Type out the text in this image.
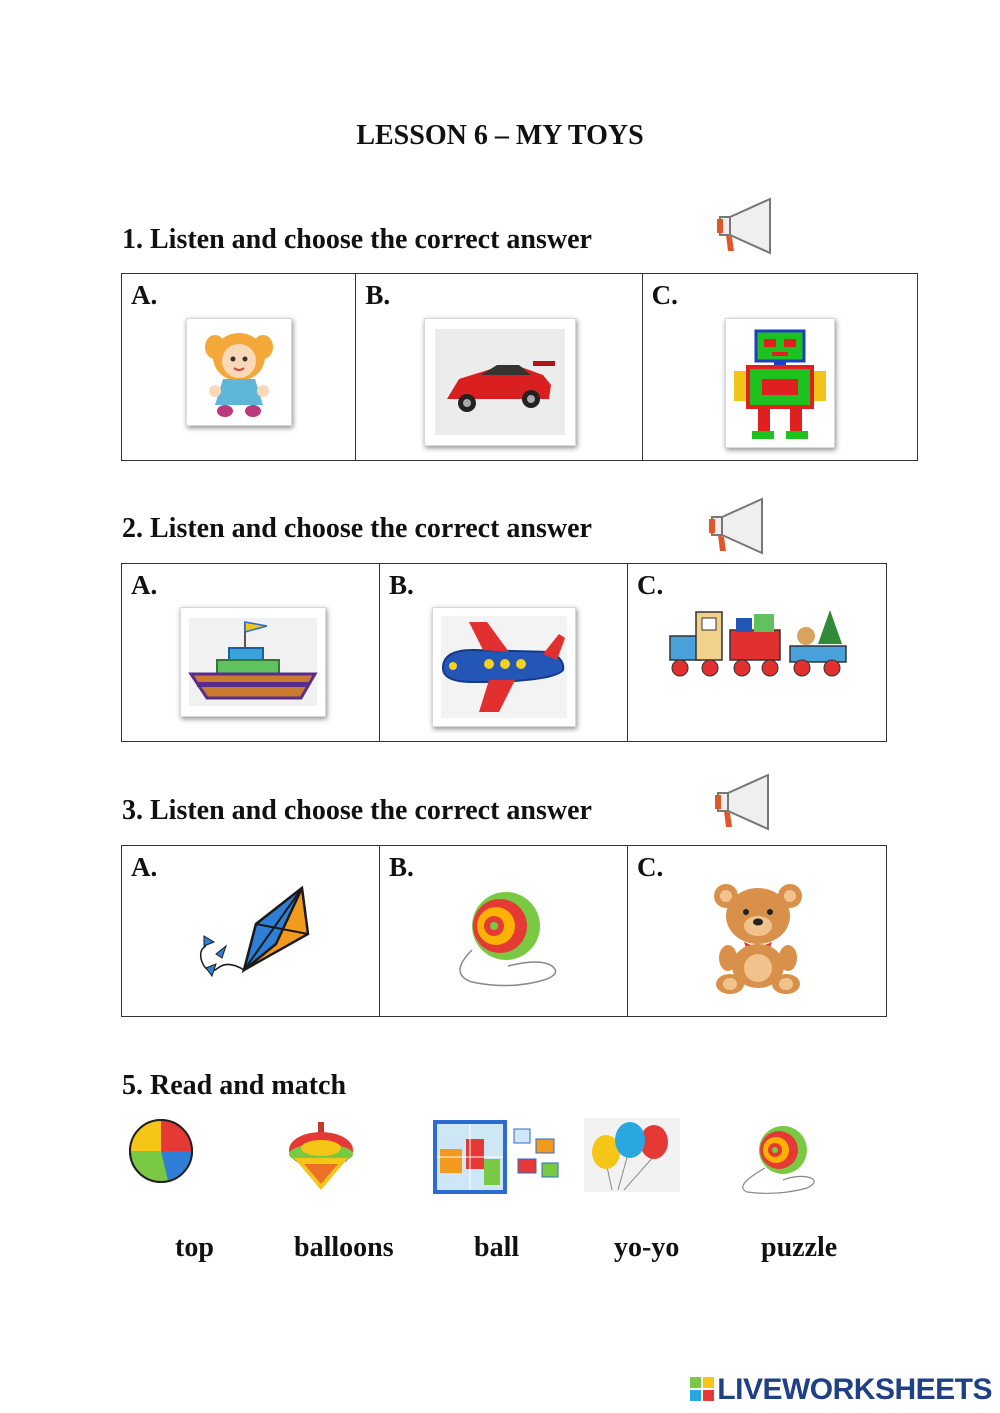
LESSON 6 – MY TOYS
1. Listen and choose the correct answer
A.	B.	C.
2. Listen and choose the correct answer
A.	B.	C.
3. Listen and choose the correct answer
A.	B.	C.
5. Read and match
top	balloons	ball	yo-yo	puzzle
LIVEWORKSHEETS
